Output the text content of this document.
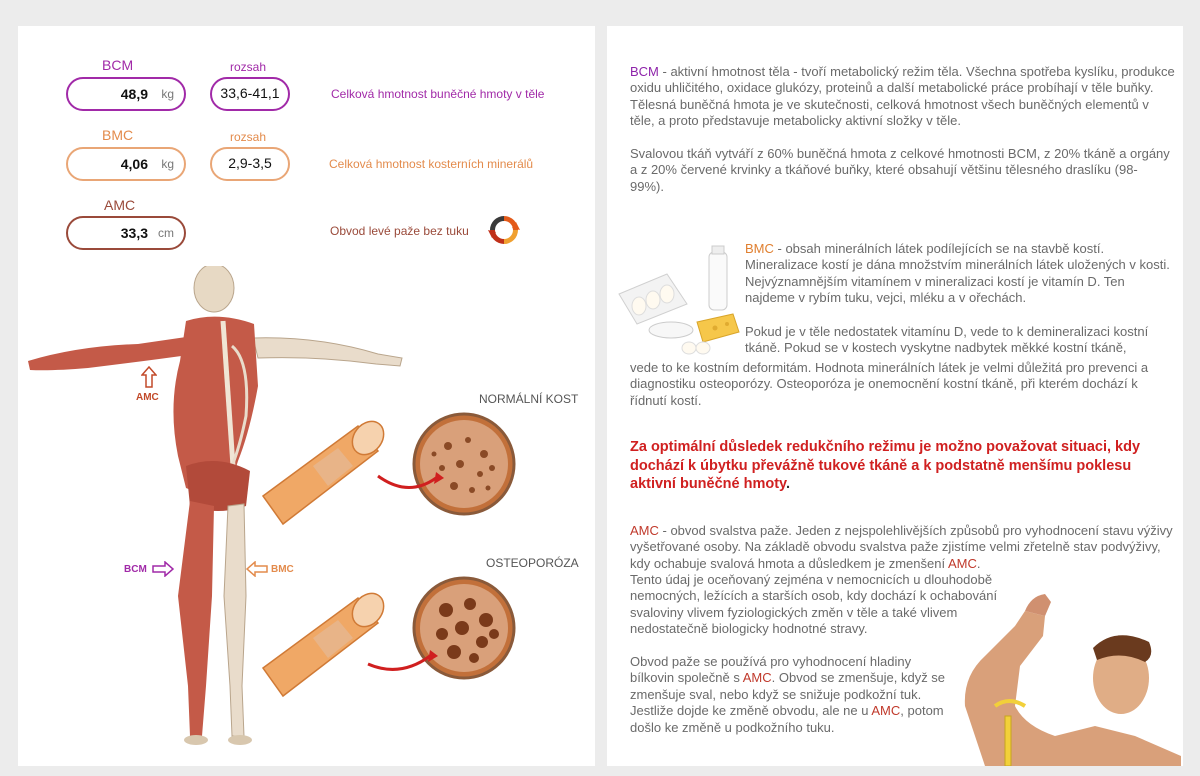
BCM	rozsah
48,9 kg	33,6-41,1	Celková hmotnost buněčné hmoty v těle
BMC	rozsah
4,06 kg	2,9-3,5	Celková hmotnost kosterních minerálů
AMC
33,3 cm	Obvod levé paže bez tuku
AMC
BCM	BMC
NORMÁLNÍ KOST
OSTEOPORÓZA
BCM - aktivní hmotnost těla - tvoří metabolický režim těla. Všechna spotřeba kyslíku, produkce oxidu uhličitého, oxidace glukózy, proteinů a další metabolické práce probíhají v těle buňky. Tělesná buněčná hmota je ve skutečnosti, celková hmotnost všech buněčných elementů v těle, a proto představuje metabolicky aktivní složky v těle.
Svalovou tkáň vytváří z 60% buněčná hmota z celkové hmotnosti BCM, z 20% tkáně a orgány a z 20% červené krvinky a tkáňové buňky, které obsahují většinu tělesného draslíku (98-99%).
BMC - obsah minerálních látek podílejících se na stavbě kostí. Mineralizace kostí je dána množstvím minerálních látek uložených v kosti. Nejvýznamnějším vitamínem v mineralizaci kostí je vitamín D. Ten najdeme v rybím tuku, vejci, mléku a v ořechách.
Pokud je v těle nedostatek vitamínu D, vede to k demineralizaci kostní tkáně. Pokud se v kostech vyskytne nadbytek měkké kostní tkáně,
vede to ke kostním deformitám. Hodnota minerálních látek je velmi důležitá pro prevenci a diagnostiku osteoporózy. Osteoporóza je onemocnění kostní tkáně, při kterém dochází k řídnutí kostí.
Za optimální důsledek redukčního režimu je možno považovat situaci, kdy dochází k úbytku převážně tukové tkáně a k podstatně menšímu poklesu aktivní buněčné hmoty.
AMC - obvod svalstva paže. Jeden z nejspolehlivějších způsobů pro vyhodnocení stavu výživy vyšetřované osoby. Na základě obvodu svalstva paže zjistíme velmi zřetelně stav podvýživy, kdy ochabuje svalová hmota a důsledkem je zmenšení AMC.
Tento údaj je oceňovaný zejména v nemocnicích u dlouhodobě nemocných, ležících a starších osob, kdy dochází k ochabování svaloviny vlivem fyziologických změn v těle a také vlivem nedostatečně biologicky hodnotné stravy.
Obvod paže se používá pro vyhodnocení hladiny bílkovin společně s AMC. Obvod se zmenšuje, když se zmenšuje sval, nebo když se snižuje podkožní tuk. Jestliže dojde ke změně obvodu, ale ne u AMC, potom došlo ke změně u podkožního tuku.
